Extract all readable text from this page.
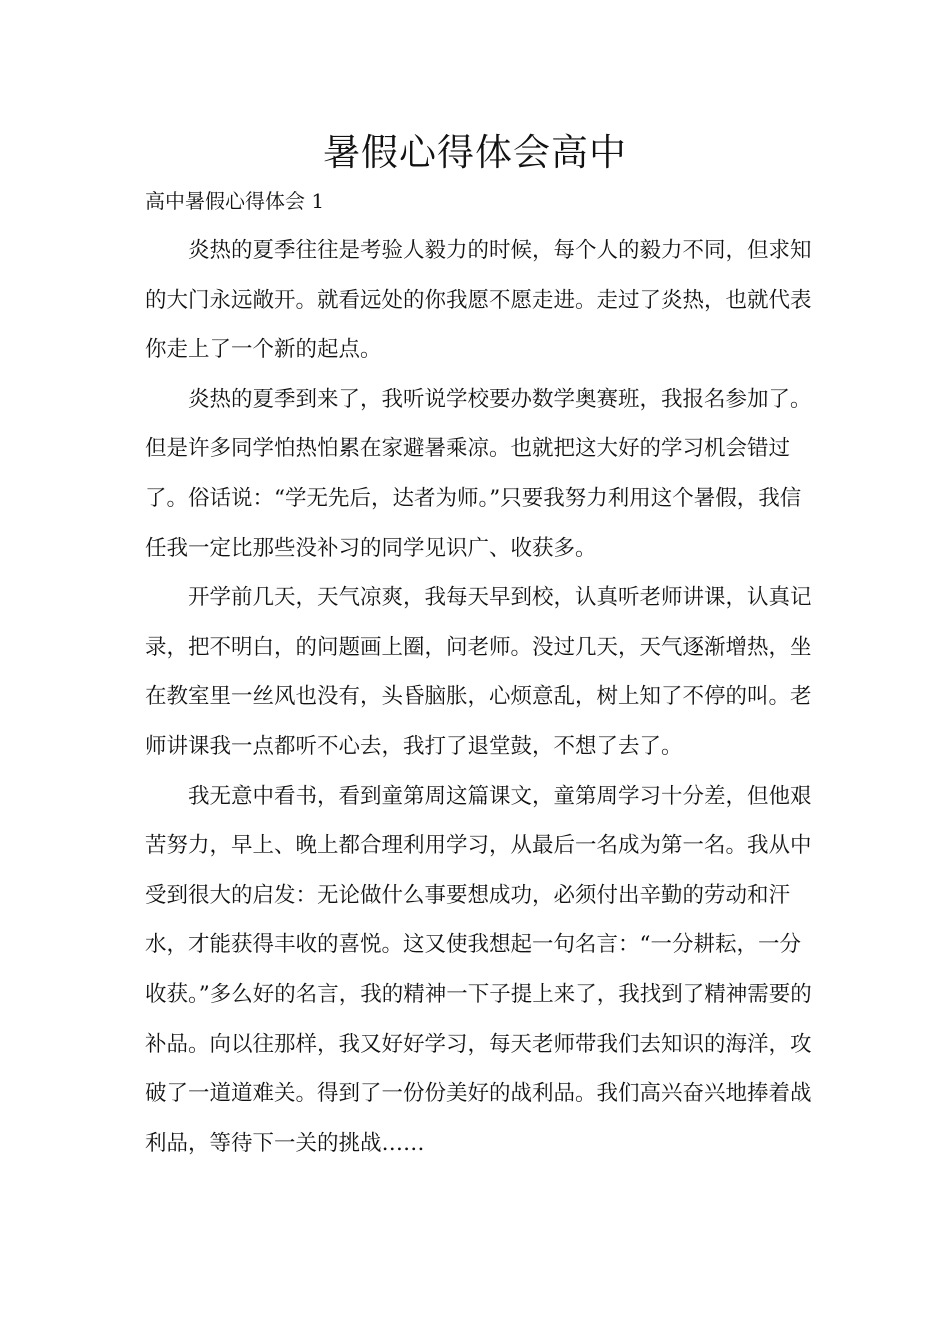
暑假心得体会高中
高中暑假心得体会 1

炎热的夏季往往是考验人毅力的时候，每个人的毅力不同，但求知的大门永远敞开。就看远处的你我愿不愿走进。走过了炎热，也就代表你走上了一个新的起点。

炎热的夏季到来了，我听说学校要办数学奥赛班，我报名参加了。但是许多同学怕热怕累在家避暑乘凉。也就把这大好的学习机会错过了。俗话说：“学无先后，达者为师。”只要我努力利用这个暑假，我信任我一定比那些没补习的同学见识广、收获多。

开学前几天，天气凉爽，我每天早到校，认真听老师讲课，认真记录，把不明白，的问题画上圈，问老师。没过几天，天气逐渐增热，坐在教室里一丝风也没有，头昏脑胀，心烦意乱，树上知了不停的叫。老师讲课我一点都听不心去，我打了退堂鼓，不想了去了。

我无意中看书，看到童第周这篇课文，童第周学习十分差，但他艰苦努力，早上、晚上都合理利用学习，从最后一名成为第一名。我从中受到很大的启发：无论做什么事要想成功，必须付出辛勤的劳动和汗水，才能获得丰收的喜悦。这又使我想起一句名言：“一分耕耘，一分收获。”多么好的名言，我的精神一下子提上来了，我找到了精神需要的补品。向以往那样，我又好好学习，每天老师带我们去知识的海洋，攻破了一道道难关。得到了一份份美好的战利品。我们高兴奋兴地捧着战利品，等待下一关的挑战……
